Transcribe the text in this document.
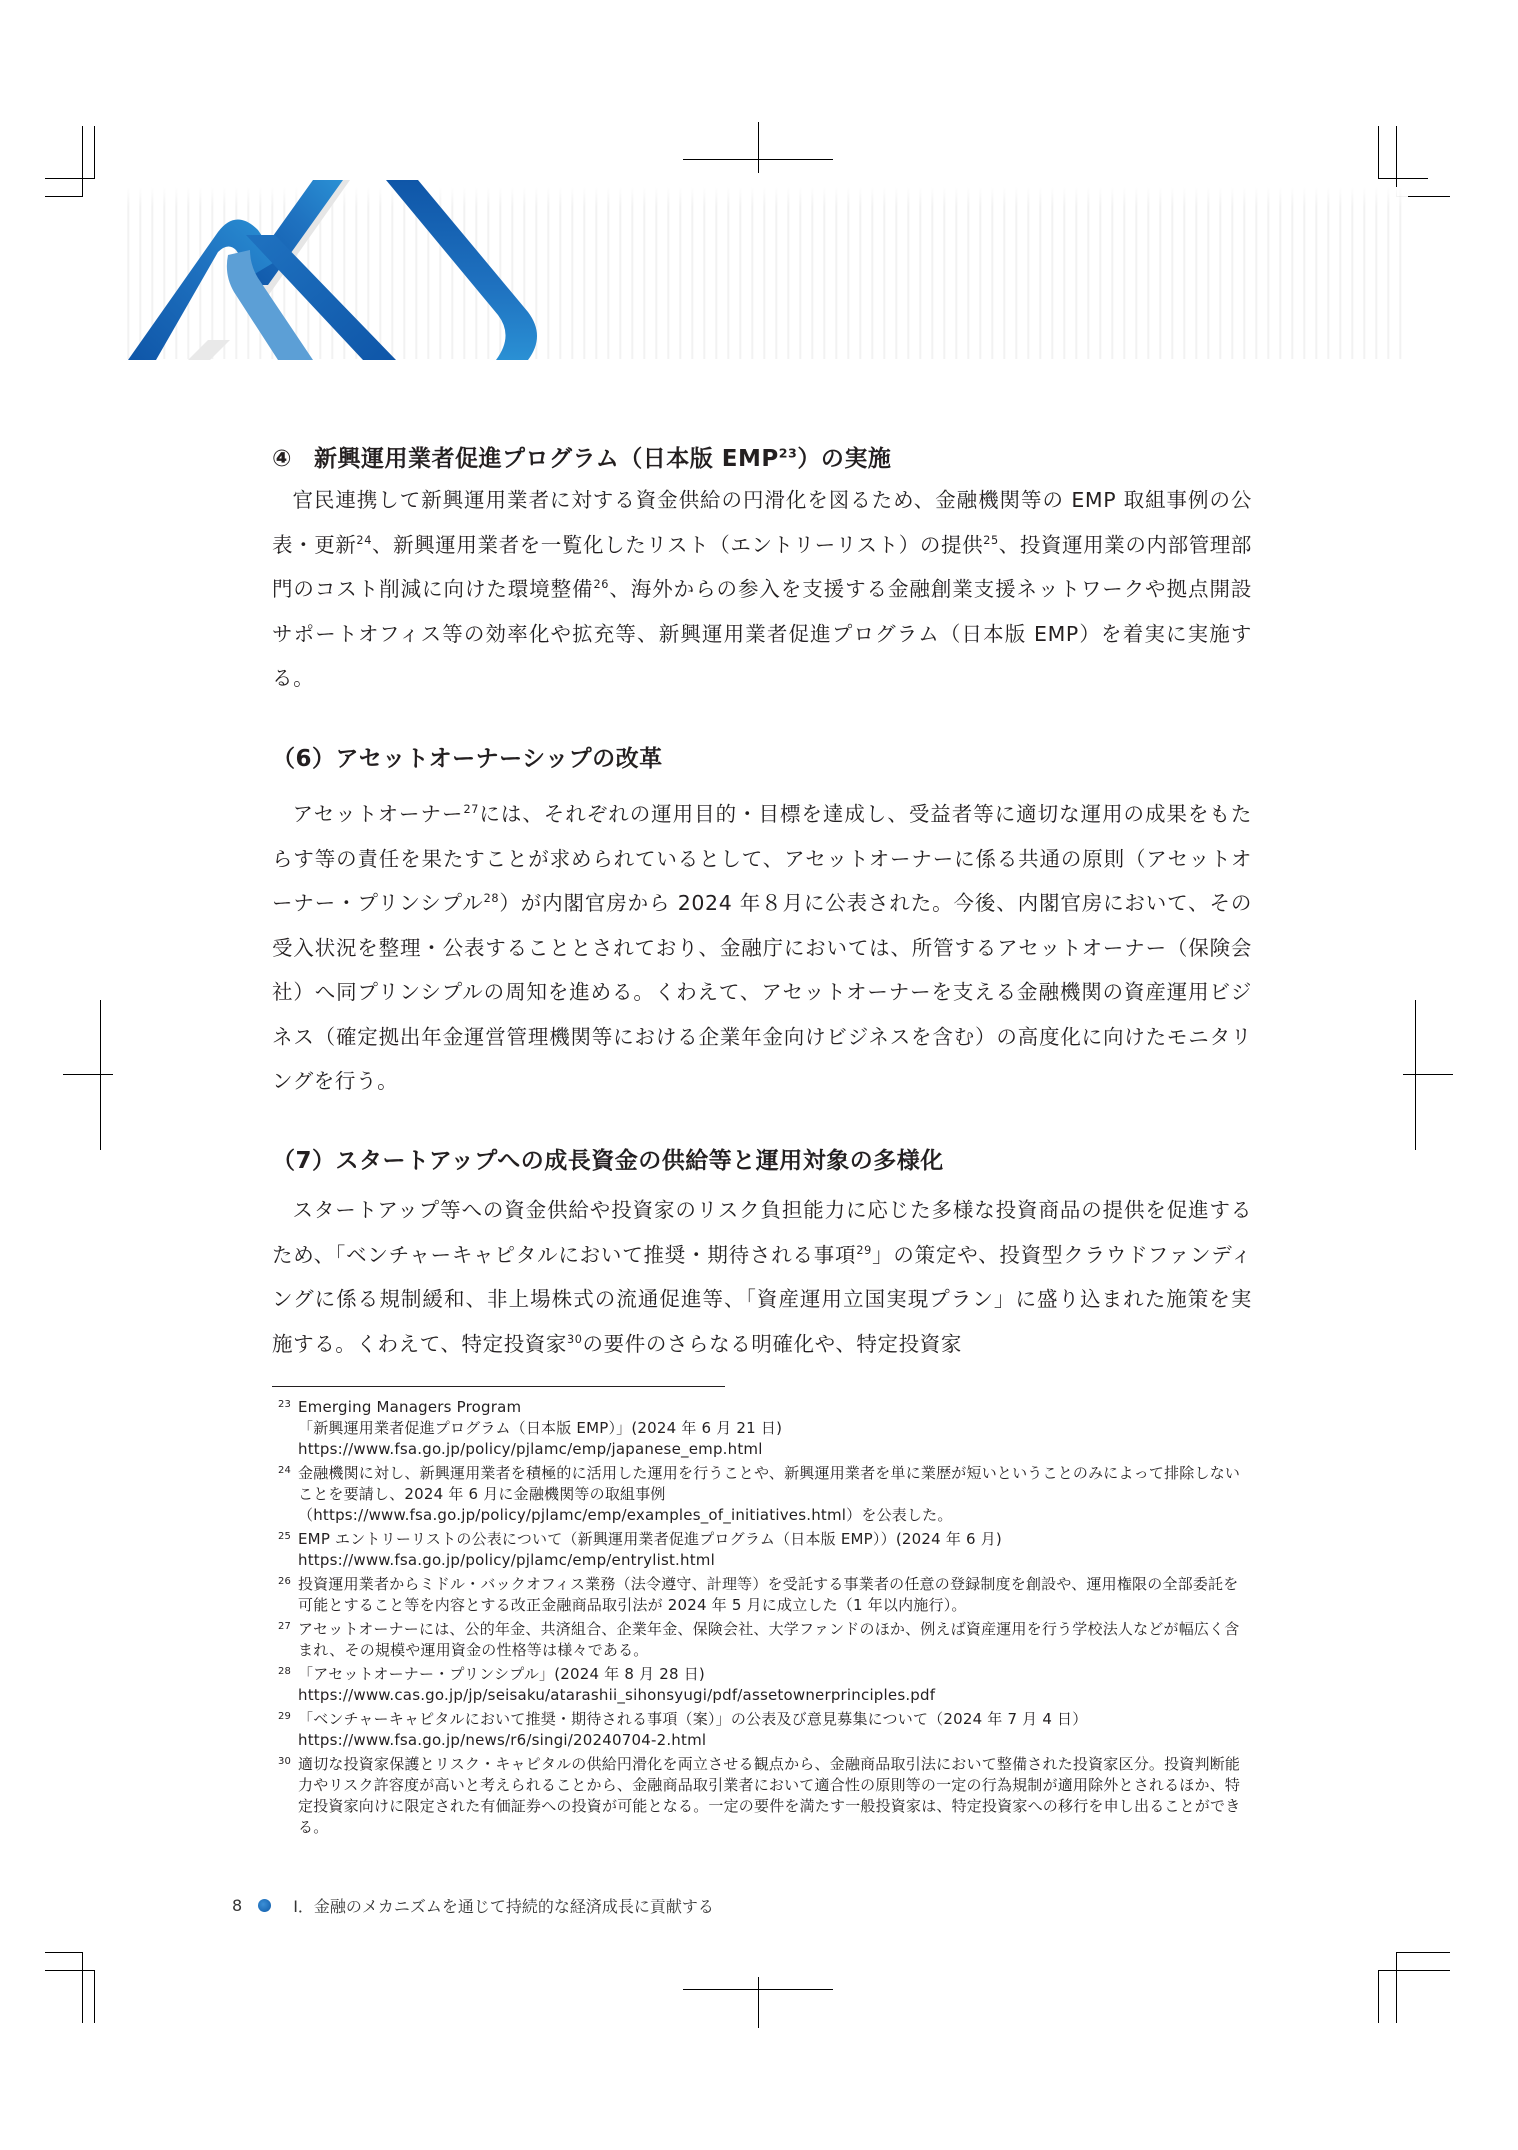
④ 新興運用業者促進プログラム（日本版 EMP$^{23}$）の実施

官民連携して新興運用業者に対する資金供給の円滑化を図るため、金融機関等の EMP 取組事例の公表・更新$^{24}$、新興運用業者を一覧化したリスト（エントリーリスト）の提供$^{25}$、投資運用業の内部管理部門のコスト削減に向けた環境整備$^{26}$、海外からの参入を支援する金融創業支援ネットワークや拠点開設サポートオフィス等の効率化や拡充等、新興運用業者促進プログラム（日本版 EMP）を着実に実施する。

（6）アセットオーナーシップの改革

アセットオーナー$^{27}$には、それぞれの運用目的・目標を達成し、受益者等に適切な運用の成果をもたらす等の責任を果たすことが求められているとして、アセットオーナーに係る共通の原則（アセットオーナー・プリンシプル$^{28}$）が内閣官房から 2024 年８月に公表された。今後、内閣官房において、その受入状況を整理・公表することとされており、金融庁においては、所管するアセットオーナー（保険会社）へ同プリンシプルの周知を進める。くわえて、アセットオーナーを支える金融機関の資産運用ビジネス（確定拠出年金運営管理機関等における企業年金向けビジネスを含む）の高度化に向けたモニタリングを行う。

（7）スタートアップへの成長資金の供給等と運用対象の多様化

スタートアップ等への資金供給や投資家のリスク負担能力に応じた多様な投資商品の提供を促進するため、「ベンチャーキャピタルにおいて推奨・期待される事項$^{29}$」の策定や、投資型クラウドファンディングに係る規制緩和、非上場株式の流通促進等、「資産運用立国実現プラン」に盛り込まれた施策を実施する。くわえて、特定投資家$^{30}$の要件のさらなる明確化や、特定投資家

23 Emerging Managers Program
「新興運用業者促進プログラム（日本版 EMP）」(2024 年 6 月 21 日)
https://www.fsa.go.jp/policy/pjlamc/emp/japanese_emp.html
24 金融機関に対し、新興運用業者を積極的に活用した運用を行うことや、新興運用業者を単に業歴が短いということのみによって排除しないことを要請し、2024 年 6 月に金融機関等の取組事例
（https://www.fsa.go.jp/policy/pjlamc/emp/examples_of_initiatives.html）を公表した。
25 EMP エントリーリストの公表について（新興運用業者促進プログラム（日本版 EMP））(2024 年 6 月)
https://www.fsa.go.jp/policy/pjlamc/emp/entrylist.html
26 投資運用業者からミドル・バックオフィス業務（法令遵守、計理等）を受託する事業者の任意の登録制度を創設や、運用権限の全部委託を可能とすること等を内容とする改正金融商品取引法が 2024 年 5 月に成立した（1 年以内施行）。
27 アセットオーナーには、公的年金、共済組合、企業年金、保険会社、大学ファンドのほか、例えば資産運用を行う学校法人などが幅広く含まれ、その規模や運用資金の性格等は様々である。
28 「アセットオーナー・プリンシプル」(2024 年 8 月 28 日)
https://www.cas.go.jp/jp/seisaku/atarashii_sihonsyugi/pdf/assetownerprinciples.pdf
29 「ベンチャーキャピタルにおいて推奨・期待される事項（案）」の公表及び意見募集について（2024 年 7 月 4 日）
https://www.fsa.go.jp/news/r6/singi/20240704-2.html
30 適切な投資家保護とリスク・キャピタルの供給円滑化を両立させる観点から、金融商品取引法において整備された投資家区分。投資判断能力やリスク許容度が高いと考えられることから、金融商品取引業者において適合性の原則等の一定の行為規制が適用除外とされるほか、特定投資家向けに限定された有価証券への投資が可能となる。一定の要件を満たす一般投資家は、特定投資家への移行を申し出ることができる。
8	Ⅰ．金融のメカニズムを通じて持続的な経済成長に貢献する
